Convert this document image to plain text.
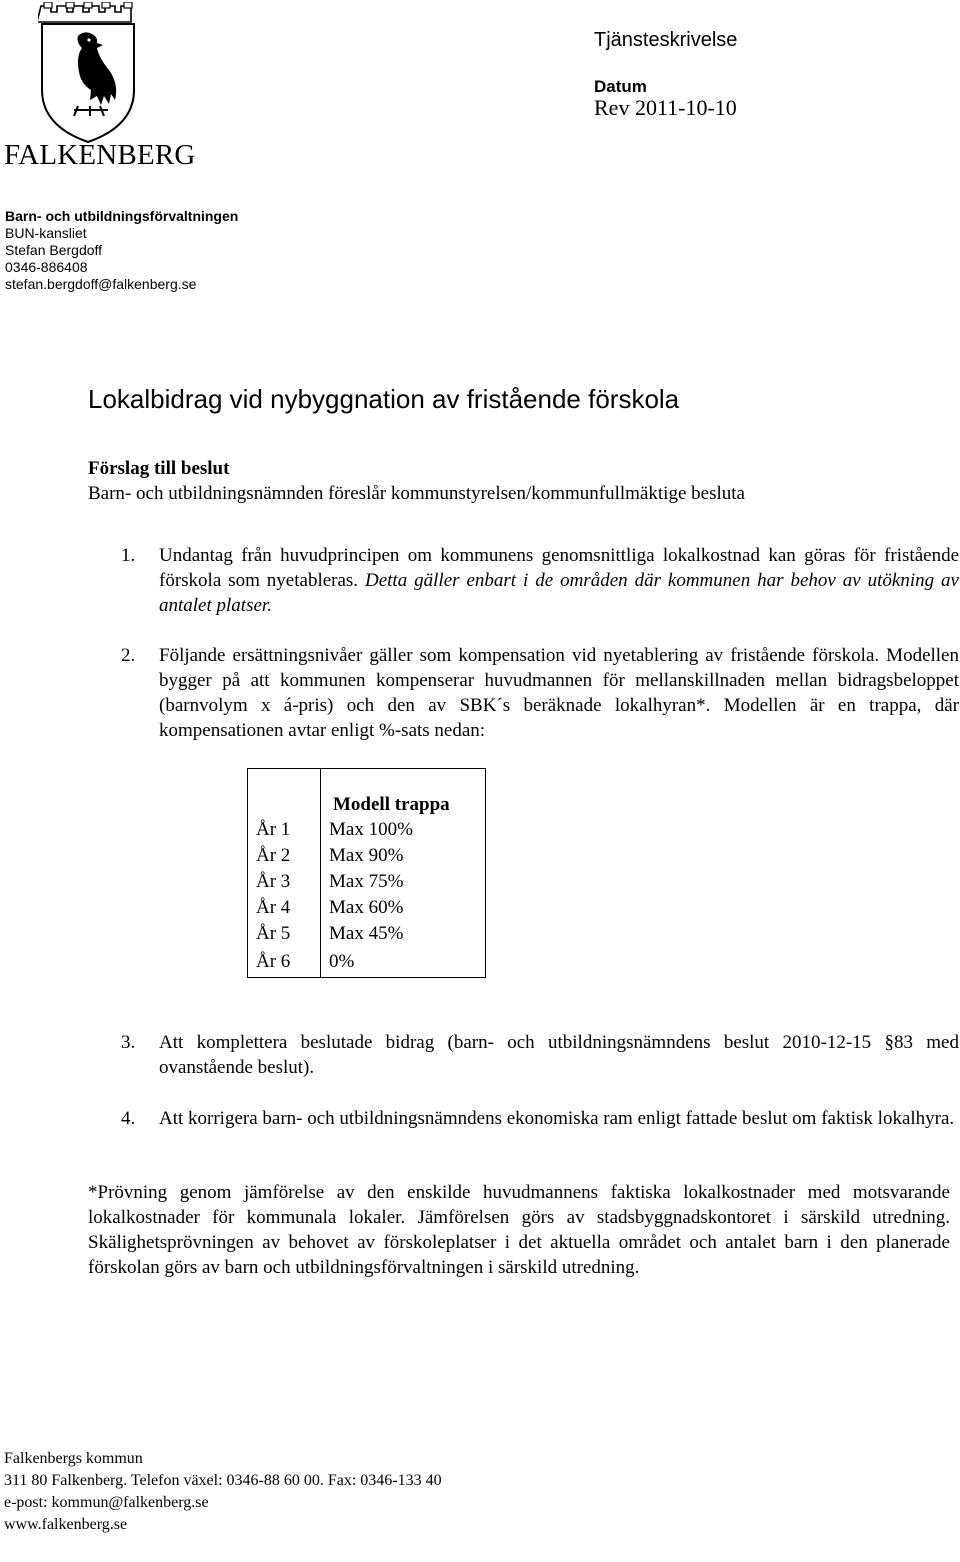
FALKENBERG
Tjänsteskrivelse
Datum
Rev 2011-10-10
Barn- och utbildningsförvaltningen
BUN-kansliet
Stefan Bergdoff
0346-886408
stefan.bergdoff@falkenberg.se
Lokalbidrag vid nybyggnation av fristående förskola
Förslag till beslut
Barn- och utbildningsnämnden föreslår kommunstyrelsen/kommunfullmäktige besluta
1. Undantag från huvudprincipen om kommunens genomsnittliga lokalkostnad kan göras för fristående förskola som nyetableras. Detta gäller enbart i de områden där kommunen har behov av utökning av antalet platser.
2. Följande ersättningsnivåer gäller som kompensation vid nyetablering av fristående förskola. Modellen bygger på att kommunen kompenserar huvudmannen för mellanskillnaden mellan bidragsbeloppet (barnvolym x á-pris) och den av SBK´s beräknade lokalhyran*. Modellen är en trappa, där kompensationen avtar enligt %-sats nedan:

	Modell trappa
År 1	Max 100%
År 2	Max 90%
År 3	Max 75%
År 4	Max 60%
År 5	Max 45%
År 6	0%
3. Att komplettera beslutade bidrag (barn- och utbildningsnämndens beslut 2010-12-15 §83 med ovanstående beslut).
4. Att korrigera barn- och utbildningsnämndens ekonomiska ram enligt fattade beslut om faktisk lokalhyra.
*Prövning genom jämförelse av den enskilde huvudmannens faktiska lokalkostnader med motsvarande lokalkostnader för kommunala lokaler. Jämförelsen görs av stadsbyggnadskontoret i särskild utredning. Skälighetsprövningen av behovet av förskoleplatser i det aktuella området och antalet barn i den planerade förskolan görs av barn och utbildningsförvaltningen i särskild utredning.
Falkenbergs kommun
311 80 Falkenberg. Telefon växel: 0346-88 60 00. Fax: 0346-133 40
e-post: kommun@falkenberg.se
www.falkenberg.se
